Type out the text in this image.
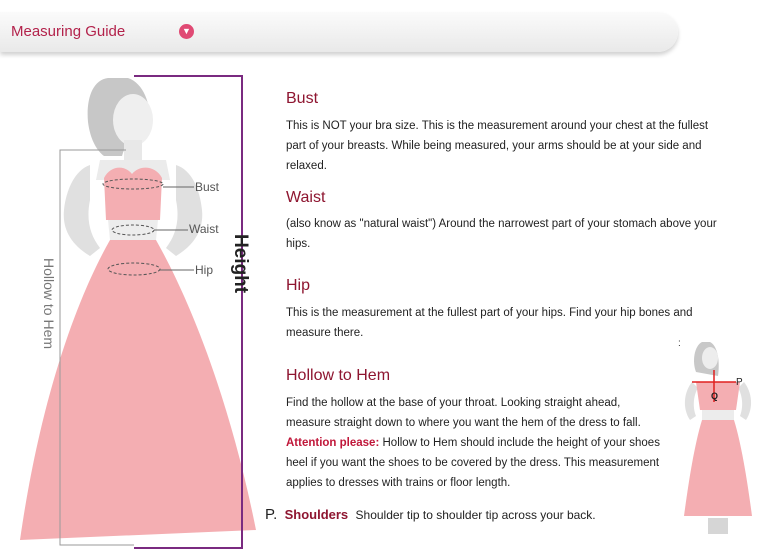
Measuring Guide	▼
Bust
Waist
Hip
Hollow to Hem	Height
Bust
This is NOT your bra size. This is the measurement around your chest at the fullest part of your breasts. While being measured, your arms should be at your side and relaxed.
Waist
(also know as "natural waist") Around the narrowest part of your stomach above your hips.
Hip
This is the measurement at the fullest part of your hips. Find your hip bones and measure there.
:
Hollow to Hem
Find the hollow at the base of your throat. Looking straight ahead, measure straight down to where you want the hem of the dress to fall. Attention please: Hollow to Hem should include the height of your shoes heel if you want the shoes to be covered by the dress. This measurement applies to dresses with trains or floor length.
P. Shoulders Shoulder tip to shoulder tip across your back.
P
Q
